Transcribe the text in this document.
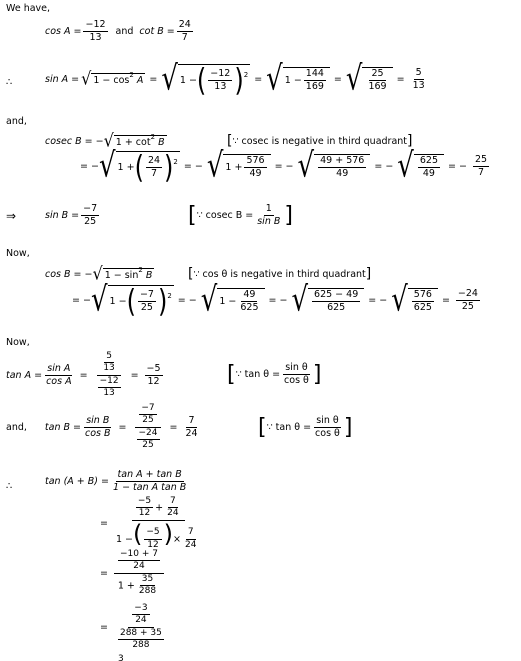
We have,
$\cos A = \frac{-12}{13}$ and $\cot B = \frac{24}{7}$
∴	sin A = √ 1 − cos 2
A = √ 1 − ( $\frac{-12}{13}$ ) 2 = √ $1 - \frac{144}{169}$ = √ $\frac{25}{169} = \frac{5}{13}$
and,
cosec B = − √ 1 + cot 2
B	[ ∵ cosec is negative in third quadrant ]
= − √ 1 + ( $\frac{24}{7}$ ) 2 = − √ $1 + \frac{576}{49}$ = − √ $\frac{49 + 576}{49}$ = − √ $\frac{625}{49}$ = − $\frac{25}{7}$
⇒	$\sin B = \frac{-7}{25}$	[ ∵ cosec $B = \frac{1}{\text{sin B}}$ ]
Now,
cos B = − √ 1 − sin 2
B	[ ∵ cos θ is negative in third quadrant ]
= − √ 1 − ( $\frac{-7}{25}$ ) 2 = − √ $1 - \frac{49}{625}$ = − √ $\frac{625 - 49}{625}$ = − √ $\frac{576}{625} = \frac{-24}{25}$
Now,
$\tan A = \frac{\text{sin A}}{\text{cos A}} = \frac{\frac{5}{13}}{\frac{-12}{13}} = \frac{-5}{12}$	[ ∵ $\tan \theta = \frac{\text{sin θ}}{\text{cos θ}}$ ]
and, $\tan B = \frac{\text{sin B}}{\text{cos B}} = \frac{\frac{-7}{25}}{\frac{-24}{25}} = \frac{7}{24}$	[ ∵ $\tan \theta = \frac{\text{sin θ}}{\text{cos θ}}$ ]
∴	$\tan (A + B) = \frac{\text{tan A + tan B}}{\text{1 − tan A tan B}}$
= $\frac{\frac{-5}{12} + \frac{7}{24}}{1 -( \frac{-5}{12} )\times \frac{7}{24}}$
= $\frac{\frac{-10 + 7}{24}}{1 + \frac{35}{288}}$
= $\frac{\frac{-3}{24}}{\frac{288 + 35}{288}}$
3
